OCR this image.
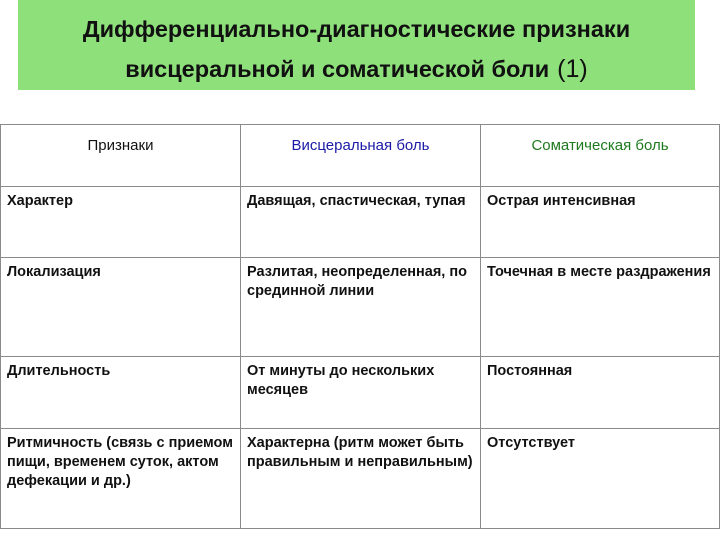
Дифференциально-диагностические признаки
висцеральной и соматической боли (1)
Признаки	Висцеральная боль	Соматическая боль
Характер	Давящая, спастическая, тупая	Острая интенсивная
Локализация	Разлитая, неопределенная, по срединной линии	Точечная в месте раздражения
Длительность	От минуты до нескольких месяцев	Постоянная
Ритмичность (связь с приемом пищи, временем суток, актом дефекации и др.)	Характерна (ритм может быть правильным и неправильным)	Отсутствует
